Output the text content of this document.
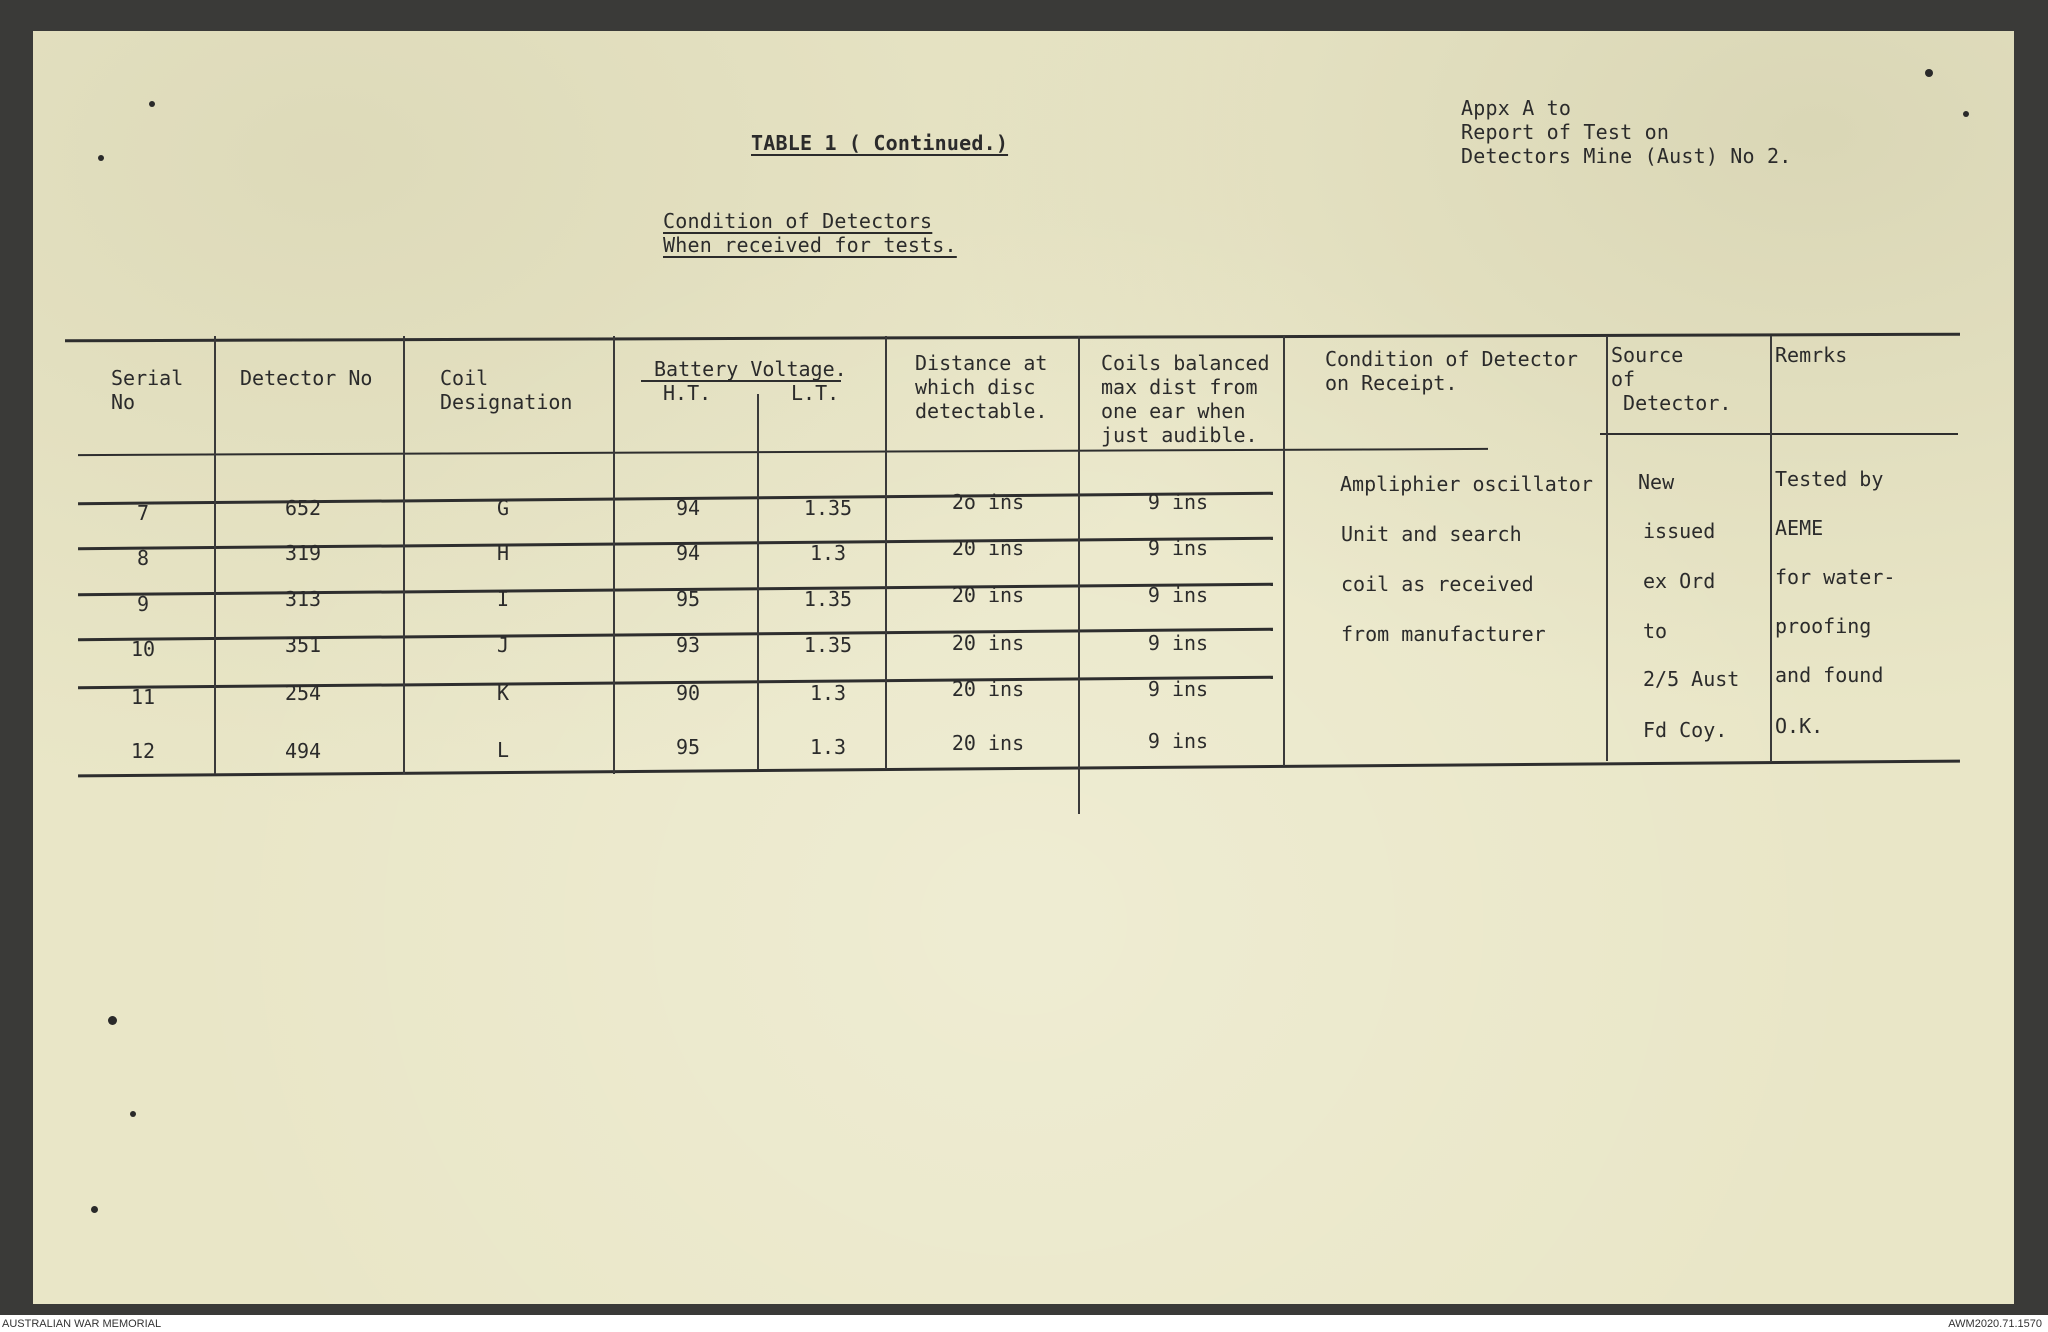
TABLE 1 ( Continued.)
Appx A to
Report of Test on
Detectors Mine (Aust) No 2.
Condition of Detectors
When received for tests.
Serial
No
Detector No	Coil
Designation
Battery Voltage.
H.T.	L.T.
Distance at
which disc
detectable.
Coils balanced
max dist from
one ear when
just audible.
Condition of Detector
on Receipt.
Source
of
Detector.
Remrks
7	652	G	94	1.35	2o ins	9 ins
8	319	H	94	1.3	20 ins	9 ins
9	313	I	95	1.35	20 ins	9 ins
10	351	J	93	1.35	20 ins	9 ins
11	254	K	90	1.3	20 ins	9 ins
12	494	L	95	1.3	20 ins	9 ins
Ampliphier oscillator
Unit and search
coil as received
from manufacturer
New
issued
ex Ord
to
2/5 Aust
Fd Coy.
Tested by
AEME
for water-
proofing
and found
O.K.
AUSTRALIAN WAR MEMORIAL	AWM2020.71.1570
